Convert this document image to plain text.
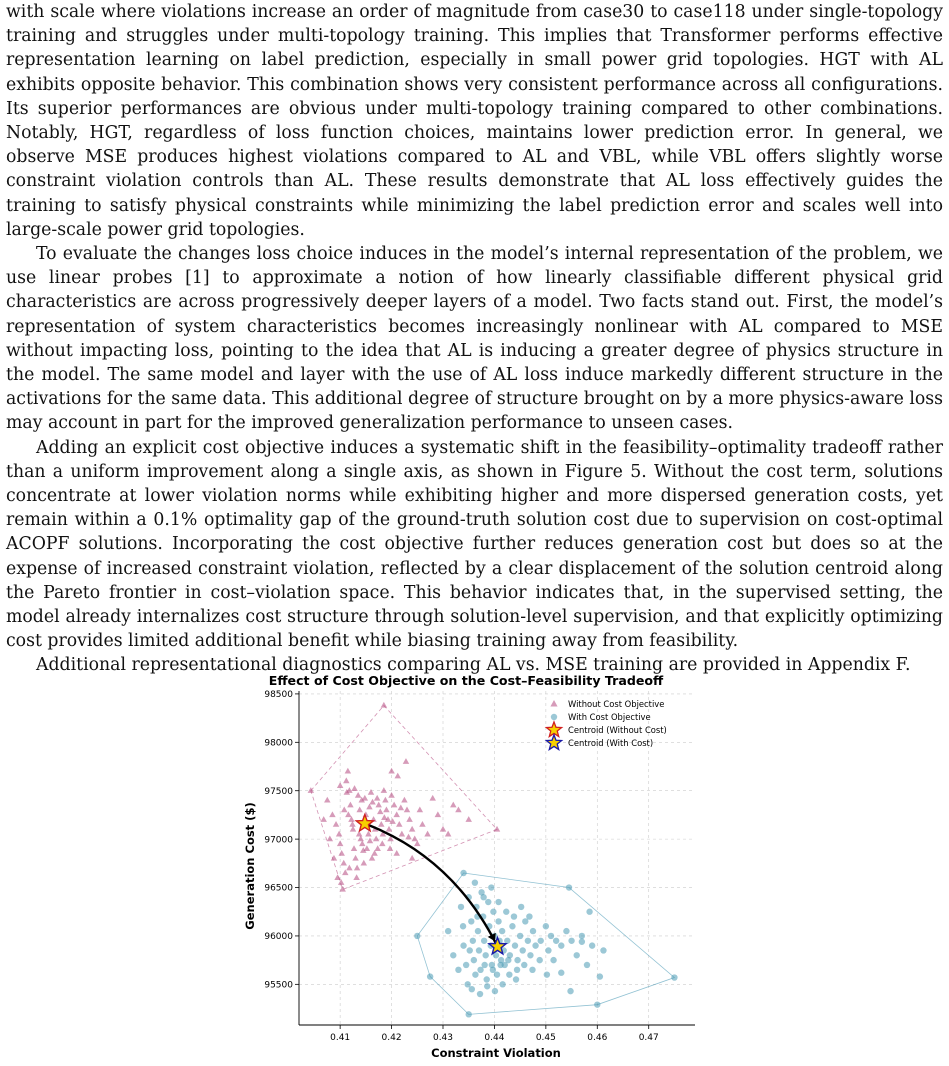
with scale where violations increase an order of magnitude from case30 to case118 under single-topology training and struggles under multi-topology training. This implies that Transformer performs effective representation learning on label prediction, especially in small power grid topologies. HGT with AL exhibits opposite behavior. This combination shows very consistent performance across all configurations. Its superior performances are obvious under multi-topology training compared to other combinations. Notably, HGT, regardless of loss function choices, maintains lower prediction error. In general, we observe MSE produces highest violations compared to AL and VBL, while VBL offers slightly worse constraint violation controls than AL. These results demonstrate that AL loss effectively guides the training to satisfy physical constraints while minimizing the label prediction error and scales well into large-scale power grid topologies.

To evaluate the changes loss choice induces in the model’s internal representation of the problem, we use linear probes [1] to approximate a notion of how linearly classifiable different physical grid characteristics are across progressively deeper layers of a model. Two facts stand out. First, the model’s representation of system characteristics becomes increasingly nonlinear with AL compared to MSE without impacting loss, pointing to the idea that AL is inducing a greater degree of physics structure in the model. The same model and layer with the use of AL loss induce markedly different structure in the activations for the same data. This additional degree of structure brought on by a more physics-aware loss may account in part for the improved generalization performance to unseen cases.

Adding an explicit cost objective induces a systematic shift in the feasibility–optimality tradeoff rather than a uniform improvement along a single axis, as shown in Figure 5. Without the cost term, solutions concentrate at lower violation norms while exhibiting higher and more dispersed generation costs, yet remain within a 0.1% optimality gap of the ground-truth solution cost due to supervision on cost-optimal ACOPF solutions. Incorporating the cost objective further reduces generation cost but does so at the expense of increased constraint violation, reflected by a clear displacement of the solution centroid along the Pareto frontier in cost–violation space. This behavior indicates that, in the supervised setting, the model already internalizes cost structure through solution-level supervision, and that explicitly optimizing cost provides limited additional benefit while biasing training away from feasibility.

Additional representational diagnostics comparing AL vs. MSE training are provided in Appendix F.

Effect of Cost Objective on the Cost–Feasibility Tradeoff
0.41	0.42	0.43	0.44	0.45	0.46	0.47
95500
96000
96500
97000
97500
98000
98500
Constraint Violation
Generation Cost ($)
Without Cost Objective
With Cost Objective
Centroid (Without Cost)
Centroid (With Cost)
